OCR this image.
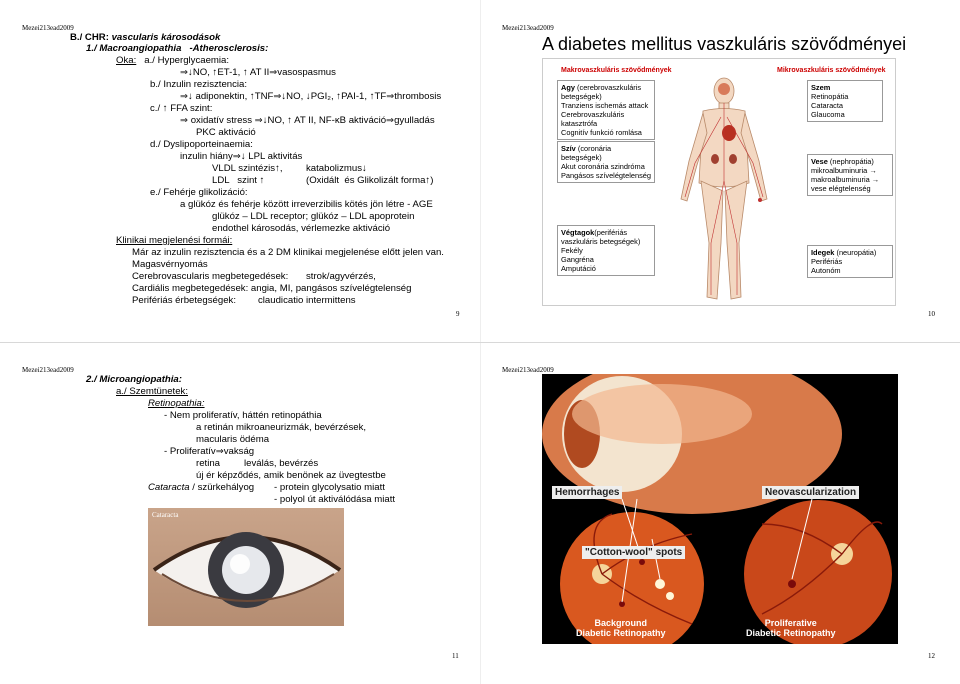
Mezei213ead2009
B./ CHR: vascularis károsodások
1./ Macroangiopathia -Atherosclerosis:
Oka: a./ Hyperglycaemia:
⇒↓NO, ↑ET-1, ↑ AT II⇒vasospasmus
b./ Inzulin rezisztencia:
⇒↓ adiponektin, ↑TNF⇒↓NO, ↓PGI₂, ↑PAI-1, ↑TF⇒thrombosis
c./ ↑ FFA szint:
⇒ oxidatív stress ⇒↓NO, ↑ AT II, NF-κB aktiváció⇒gyulladás
PKC aktiváció
d./ Dyslipoporteinaemia:
inzulin hiány⇒↓ LPL aktivitás
VLDL szintézis↑, katabolizmus↓
LDL   szint ↑	(Oxidált  és Glikolizált forma↑)
e./ Fehérje glikolizáció:
a glükóz és fehérje között irreverzibilis kötés jön létre - AGE
glükóz – LDL receptor; glükóz – LDL apoprotein
endothel károsodás, vérlemezke aktiváció
Klinikai megjelenési formái:
Már az inzulin rezisztencia és a 2 DM klinikai megjelenése előtt jelen van.
Magasvérnyomás
Cerebrovascularis megbetegedések: strok/agyvérzés,
Cardiális megbetegedések: angia, MI, pangásos szívelégtelenség
Perifériás érbetegségek: claudicatio intermittens
9
Mezei213ead2009
A diabetes mellitus vaszkuláris szövődményei
Makrovaszkuláris szövődmények	Mikrovaszkuláris szövődmények
Agy (cerebrovaszkuláris betegségek)
Tranziens ischemás attack
Cerebrovaszkuláris katasztrófa
Cognitív funkció romlása
Szív (coronária betegségek)
Akut coronária szindróma
Pangásos szívelégtelenség
Végtagok(perifériás vaszkuláris betegségek)
Fekély
Gangréna
Amputáció
Szem
Retinopátia
Cataracta
Glaucoma
Vese (nephropátia)
mikroalbuminuria →
makroalbuminuria →
vese elégtelenség
Idegek (neuropátia)
Perifériás
Autonóm
10
Mezei213ead2009
2./ Microangiopathia:
a./ Szemtünetek:
Retinopathia:
- Nem proliferatív, háttén retinopáthia
a retinán mikroaneurizmák, bevérzések,
macularis ödéma
- Proliferatív⇒vakság
retina	leválás, bevérzés
új ér képződés, amik benönek az üvegtestbe
Cataracta / szürkehályog - protein glycolysatio miatt
- polyol út aktiválódása miatt
Cataracta
11
Mezei213ead2009
Hemorrhages	Neovascularization
"Cotton-wool" spots
Background
Diabetic Retinopathy
Proliferative
Diabetic Retinopathy
12
